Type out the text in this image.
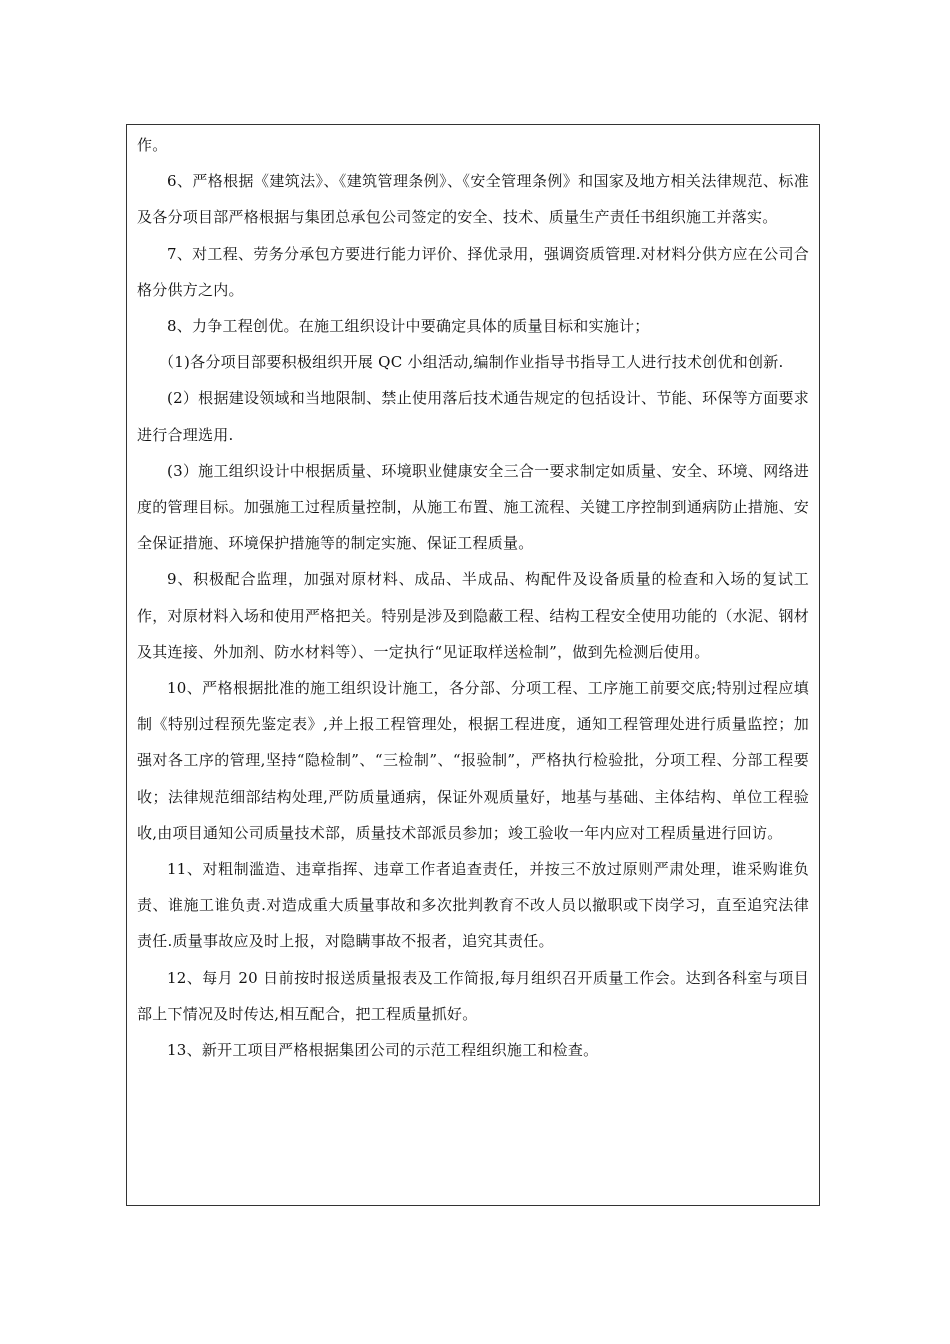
作。

6、严格根据《建筑法》、《建筑管理条例》、《安全管理条例》和国家及地方相关法律规范、标准及各分项目部严格根据与集团总承包公司签定的安全、技术、质量生产责任书组织施工并落实。

7、对工程、劳务分承包方要进行能力评价、择优录用，强调资质管理.对材料分供方应在公司合格分供方之内。

8、力争工程创优。在施工组织设计中要确定具体的质量目标和实施计；

（1)各分项目部要积极组织开展 QC 小组活动,编制作业指导书指导工人进行技术创优和创新.

(2）根据建设领域和当地限制、禁止使用落后技术通告规定的包括设计、节能、环保等方面要求进行合理选用.

(3）施工组织设计中根据质量、环境职业健康安全三合一要求制定如质量、安全、环境、网络进度的管理目标。加强施工过程质量控制，从施工布置、施工流程、关键工序控制到通病防止措施、安全保证措施、环境保护措施等的制定实施、保证工程质量。

9、积极配合监理，加强对原材料、成品、半成品、构配件及设备质量的检查和入场的复试工作，对原材料入场和使用严格把关。特别是涉及到隐蔽工程、结构工程安全使用功能的（水泥、钢材及其连接、外加剂、防水材料等）、一定执行“见证取样送检制”，做到先检测后使用。

10、严格根据批准的施工组织设计施工，各分部、分项工程、工序施工前要交底;特别过程应填制《特别过程预先鉴定表》,并上报工程管理处，根据工程进度，通知工程管理处进行质量监控；加强对各工序的管理,坚持“隐检制”、“三检制”、“报验制”，严格执行检验批，分项工程、分部工程要收；法律规范细部结构处理,严防质量通病，保证外观质量好，地基与基础、主体结构、单位工程验收,由项目通知公司质量技术部，质量技术部派员参加；竣工验收一年内应对工程质量进行回访。

11、对粗制滥造、违章指挥、违章工作者追查责任，并按三不放过原则严肃处理，谁采购谁负责、谁施工谁负责.对造成重大质量事故和多次批判教育不改人员以撤职或下岗学习，直至追究法律责任.质量事故应及时上报，对隐瞒事故不报者，追究其责任。

12、每月 20 日前按时报送质量报表及工作简报,每月组织召开质量工作会。达到各科室与项目部上下情况及时传达,相互配合，把工程质量抓好。

13、新开工项目严格根据集团公司的示范工程组织施工和检查。
